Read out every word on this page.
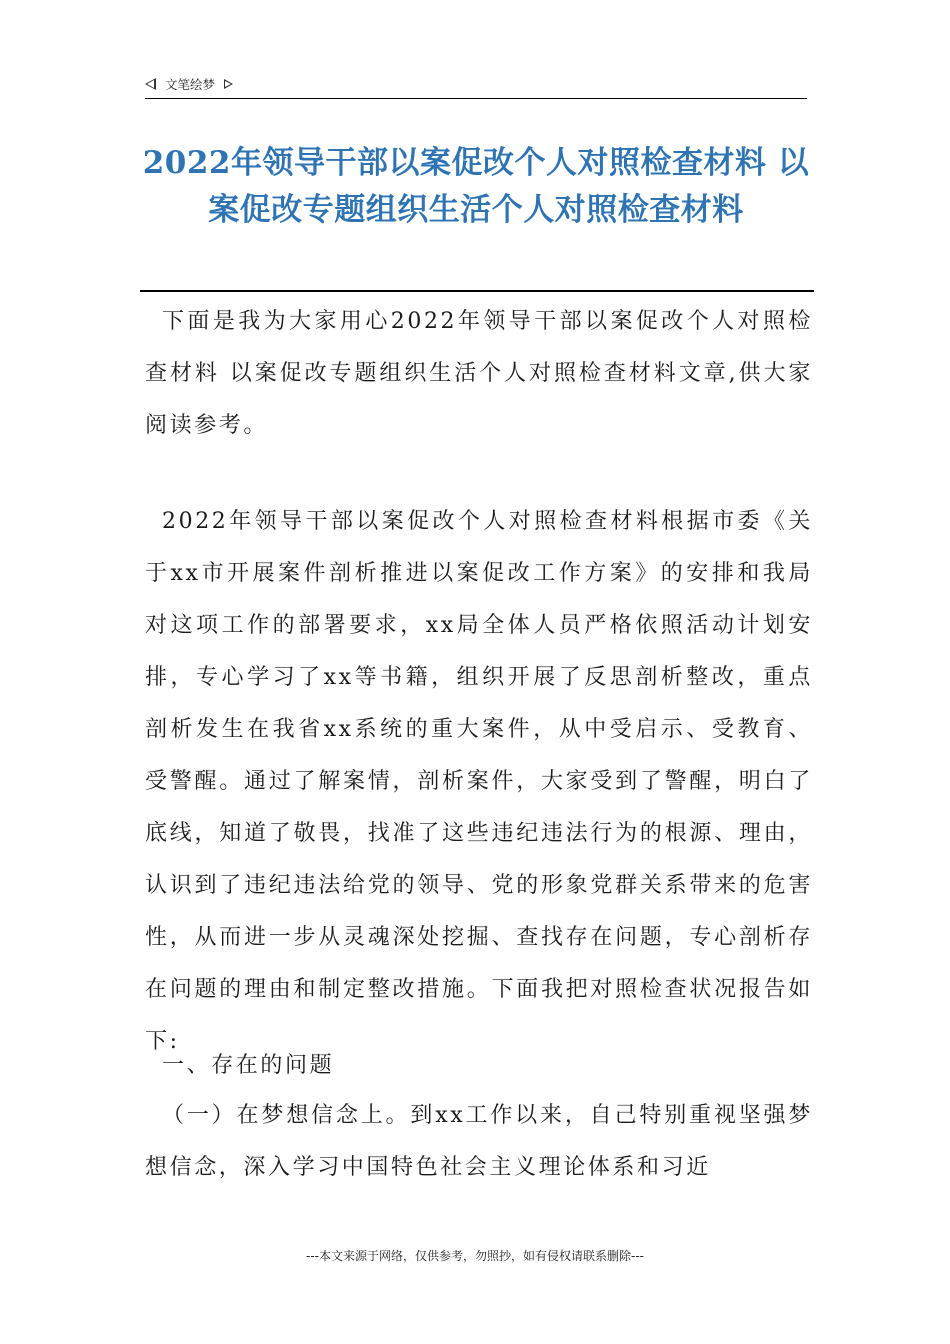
文笔绘梦
2022年领导干部以案促改个人对照检查材料 以案促改专题组织生活个人对照检查材料

下面是我为大家用心2022年领导干部以案促改个人对照检查材料 以案促改专题组织生活个人对照检查材料文章,供大家阅读参考。

2022年领导干部以案促改个人对照检查材料根据市委《关于xx市开展案件剖析推进以案促改工作方案》的安排和我局对这项工作的部署要求，xx局全体人员严格依照活动计划安排，专心学习了xx等书籍，组织开展了反思剖析整改，重点剖析发生在我省xx系统的重大案件，从中受启示、受教育、受警醒。通过了解案情，剖析案件，大家受到了警醒，明白了底线，知道了敬畏，找准了这些违纪违法行为的根源、理由，认识到了违纪违法给党的领导、党的形象党群关系带来的危害性，从而进一步从灵魂深处挖掘、查找存在问题，专心剖析存在问题的理由和制定整改措施。下面我把对照检查状况报告如下:

一、存在的问题

（一）在梦想信念上。到xx工作以来，自己特别重视坚强梦想信念，深入学习中国特色社会主义理论体系和习近

---本文来源于网络，仅供参考，勿照抄，如有侵权请联系删除---
